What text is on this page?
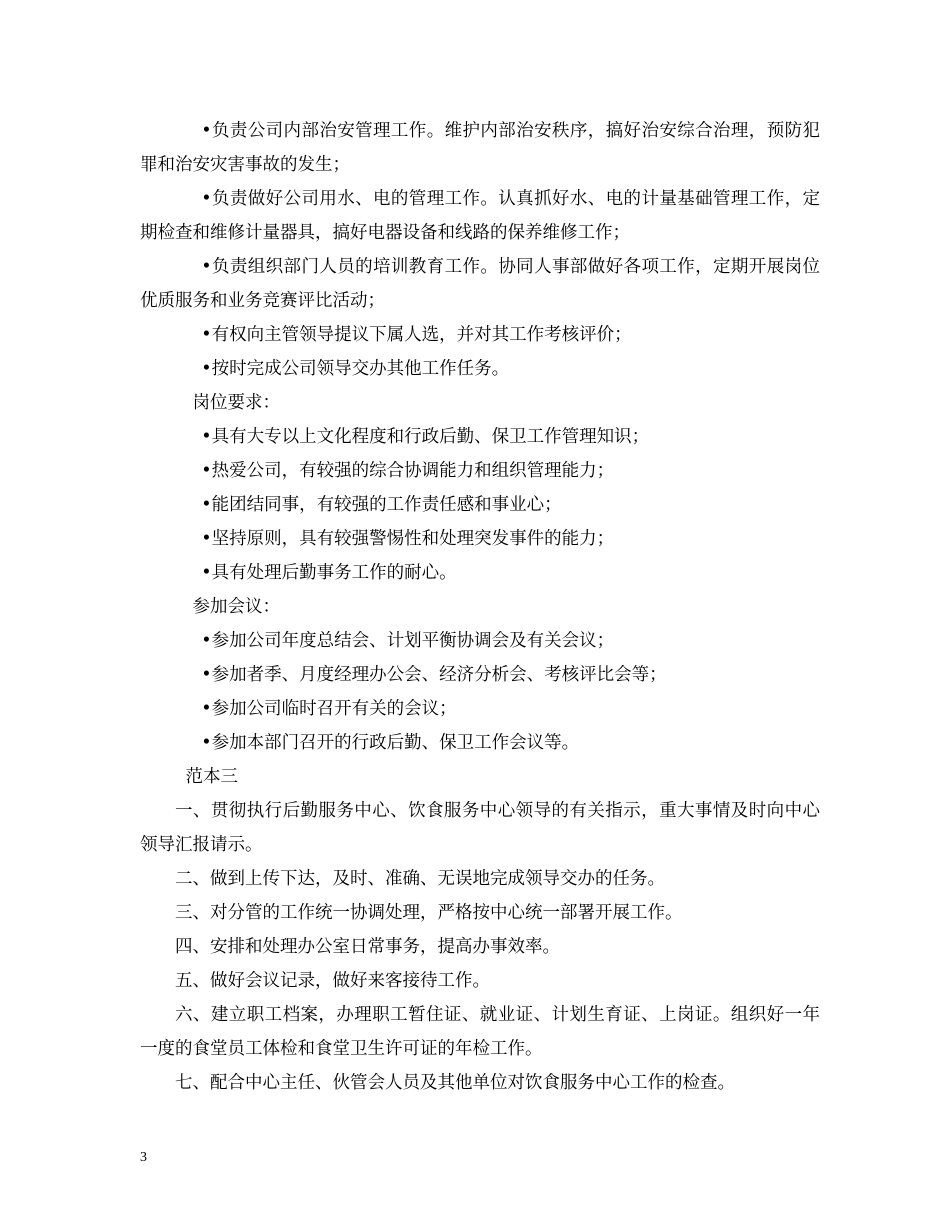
•负责公司内部治安管理工作。维护内部治安秩序，搞好治安综合治理，预防犯罪和治安灾害事故的发生；

•负责做好公司用水、电的管理工作。认真抓好水、电的计量基础管理工作，定期检查和维修计量器具，搞好电器设备和线路的保养维修工作；

•负责组织部门人员的培训教育工作。协同人事部做好各项工作，定期开展岗位优质服务和业务竞赛评比活动；

•有权向主管领导提议下属人选，并对其工作考核评价；

•按时完成公司领导交办其他工作任务。

岗位要求：

•具有大专以上文化程度和行政后勤、保卫工作管理知识；

•热爱公司，有较强的综合协调能力和组织管理能力；

•能团结同事，有较强的工作责任感和事业心；

•坚持原则，具有较强警惕性和处理突发事件的能力；

•具有处理后勤事务工作的耐心。

参加会议：

•参加公司年度总结会、计划平衡协调会及有关会议；

•参加者季、月度经理办公会、经济分析会、考核评比会等；

•参加公司临时召开有关的会议；

•参加本部门召开的行政后勤、保卫工作会议等。

范本三

一、贯彻执行后勤服务中心、饮食服务中心领导的有关指示，重大事情及时向中心领导汇报请示。

二、做到上传下达，及时、准确、无误地完成领导交办的任务。

三、对分管的工作统一协调处理，严格按中心统一部署开展工作。

四、安排和处理办公室日常事务，提高办事效率。

五、做好会议记录，做好来客接待工作。

六、建立职工档案，办理职工暂住证、就业证、计划生育证、上岗证。组织好一年一度的食堂员工体检和食堂卫生许可证的年检工作。

七、配合中心主任、伙管会人员及其他单位对饮食服务中心工作的检查。

3
